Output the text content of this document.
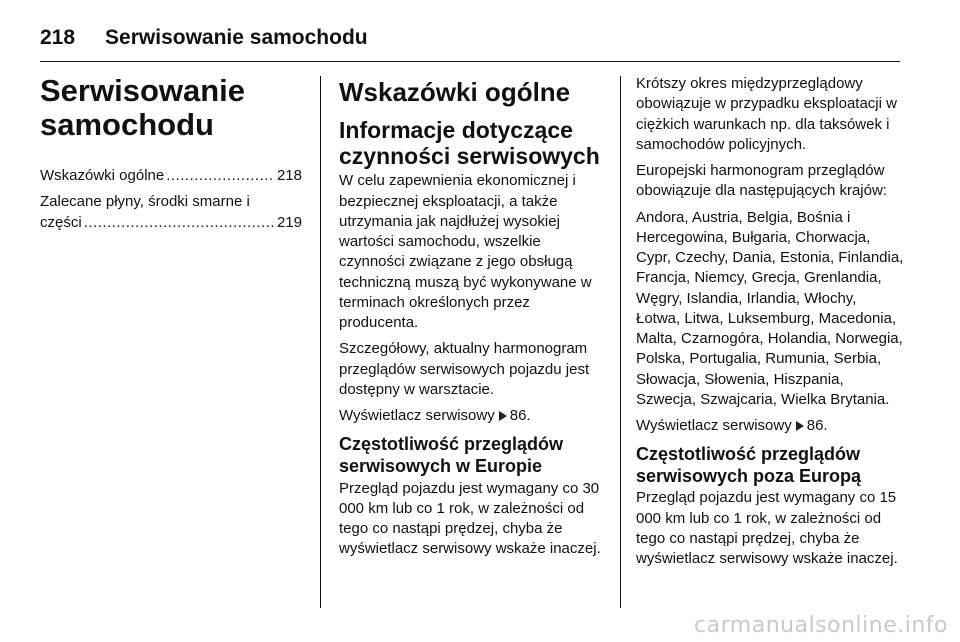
218 Serwisowanie samochodu
Serwisowanie
samochodu
Wskazówki ogólne .....	218
Zalecane płyny, środki smarne i
części .....	219
Wskazówki ogólne
Informacje dotyczące
czynności serwisowych

W celu zapewnienia ekonomicznej i bezpiecznej eksploatacji, a także utrzymania jak najdłużej wysokiej wartości samochodu, wszelkie czynności związane z jego obsługą techniczną muszą być wykonywane w terminach określonych przez producenta.

Szczegółowy, aktualny harmonogram przeglądów serwisowych pojazdu jest dostępny w warsztacie.

Wyświetlacz serwisowy 86.

Częstotliwość przeglądów
serwisowych w Europie

Przegląd pojazdu jest wymagany co 30 000 km lub co 1 rok, w zależności od tego co nastąpi prędzej, chyba że wyświetlacz serwisowy wskaże inaczej.

Krótszy okres międzyprzeglądowy obowiązuje w przypadku eksploatacji w ciężkich warunkach np. dla taksówek i samochodów policyjnych.

Europejski harmonogram przeglądów obowiązuje dla następujących krajów:

Andora, Austria, Belgia, Bośnia i Hercegowina, Bułgaria, Chorwacja, Cypr, Czechy, Dania, Estonia, Finlandia, Francja, Niemcy, Grecja, Grenlandia, Węgry, Islandia, Irlandia, Włochy, Łotwa, Litwa, Luksemburg, Macedonia, Malta, Czarnogóra, Holandia, Norwegia, Polska, Portugalia, Rumunia, Serbia, Słowacja, Słowenia, Hiszpania, Szwecja, Szwajcaria, Wielka Brytania.

Wyświetlacz serwisowy 86.

Częstotliwość przeglądów
serwisowych poza Europą

Przegląd pojazdu jest wymagany co 15 000 km lub co 1 rok, w zależności od tego co nastąpi prędzej, chyba że wyświetlacz serwisowy wskaże inaczej.

carmanualsonline.info
